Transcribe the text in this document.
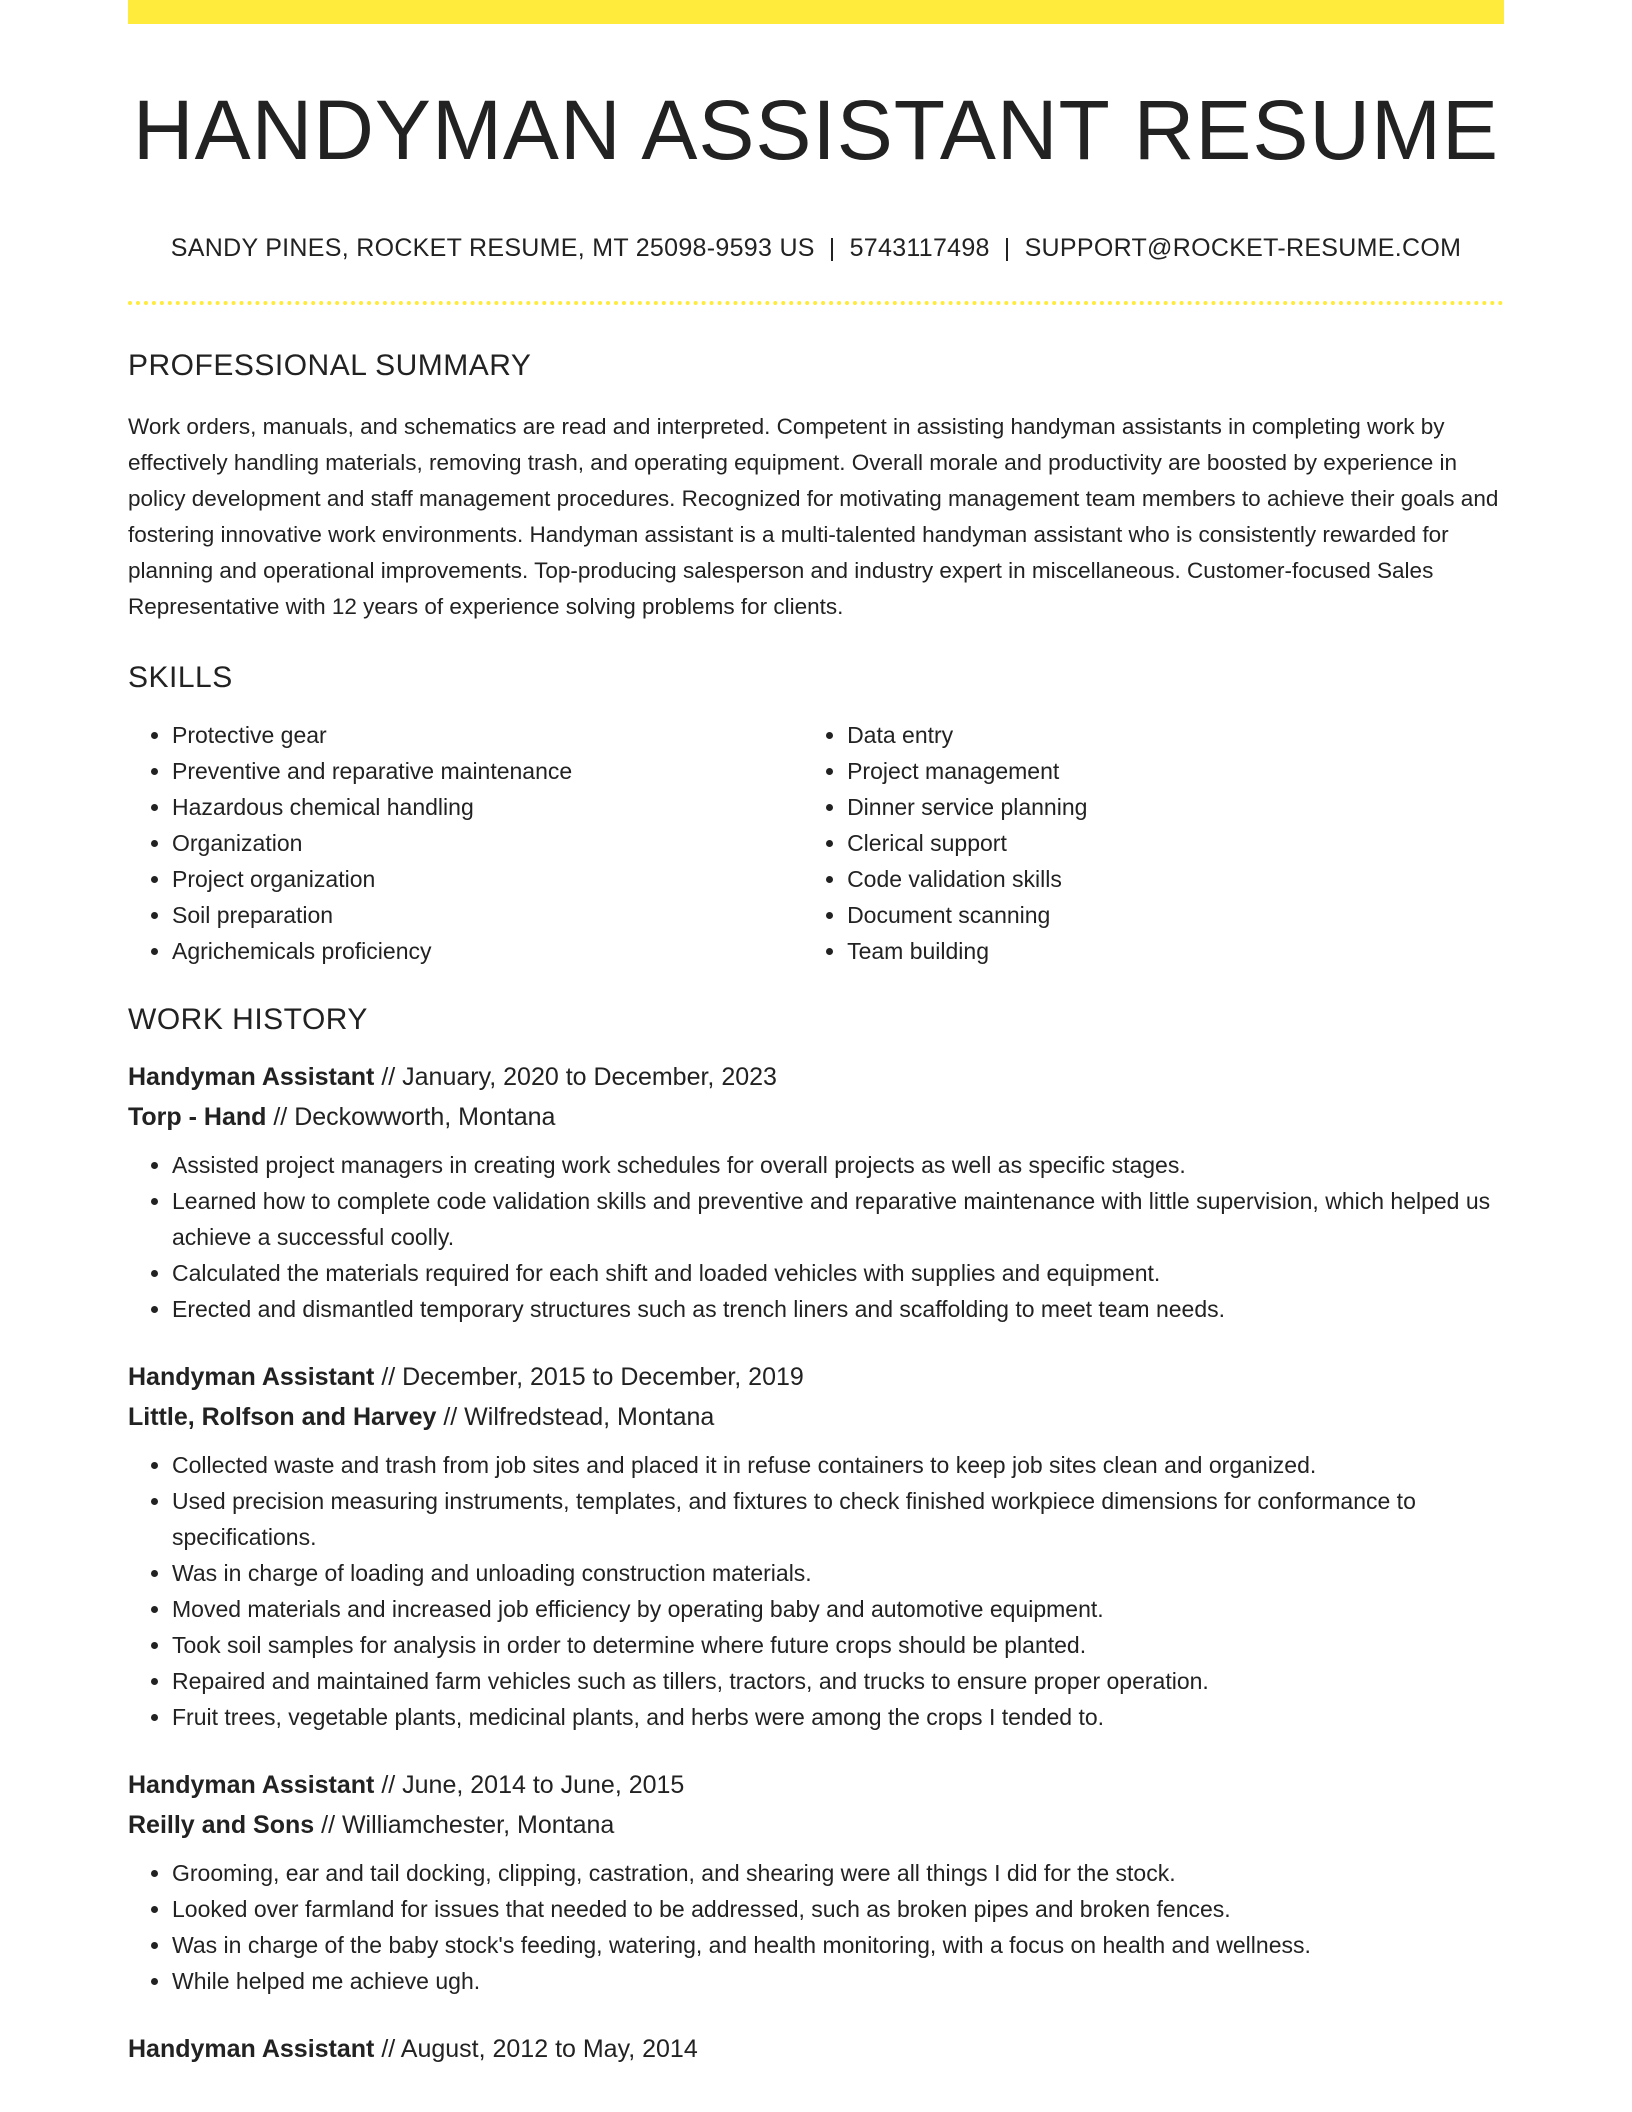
HANDYMAN ASSISTANT RESUME
SANDY PINES, ROCKET RESUME, MT 25098-9593 US | 5743117498 | SUPPORT@ROCKET-RESUME.COM
PROFESSIONAL SUMMARY

Work orders, manuals, and schematics are read and interpreted. Competent in assisting handyman assistants in completing work by effectively handling materials, removing trash, and operating equipment. Overall morale and productivity are boosted by experience in policy development and staff management procedures. Recognized for motivating management team members to achieve their goals and fostering innovative work environments. Handyman assistant is a multi-talented handyman assistant who is consistently rewarded for planning and operational improvements. Top-producing salesperson and industry expert in miscellaneous. Customer-focused Sales Representative with 12 years of experience solving problems for clients.

SKILLS
• Protective gear
• Preventive and reparative maintenance
• Hazardous chemical handling
• Organization
• Project organization
• Soil preparation
• Agrichemicals proficiency
• Data entry
• Project management
• Dinner service planning
• Clerical support
• Code validation skills
• Document scanning
• Team building
WORK HISTORY
Handyman Assistant // January, 2020 to December, 2023
Torp - Hand // Deckowworth, Montana
• Assisted project managers in creating work schedules for overall projects as well as specific stages.
• Learned how to complete code validation skills and preventive and reparative maintenance with little supervision, which helped us achieve a successful coolly.
• Calculated the materials required for each shift and loaded vehicles with supplies and equipment.
• Erected and dismantled temporary structures such as trench liners and scaffolding to meet team needs.
Handyman Assistant // December, 2015 to December, 2019
Little, Rolfson and Harvey // Wilfredstead, Montana
• Collected waste and trash from job sites and placed it in refuse containers to keep job sites clean and organized.
• Used precision measuring instruments, templates, and fixtures to check finished workpiece dimensions for conformance to specifications.
• Was in charge of loading and unloading construction materials.
• Moved materials and increased job efficiency by operating baby and automotive equipment.
• Took soil samples for analysis in order to determine where future crops should be planted.
• Repaired and maintained farm vehicles such as tillers, tractors, and trucks to ensure proper operation.
• Fruit trees, vegetable plants, medicinal plants, and herbs were among the crops I tended to.
Handyman Assistant // June, 2014 to June, 2015
Reilly and Sons // Williamchester, Montana
• Grooming, ear and tail docking, clipping, castration, and shearing were all things I did for the stock.
• Looked over farmland for issues that needed to be addressed, such as broken pipes and broken fences.
• Was in charge of the baby stock's feeding, watering, and health monitoring, with a focus on health and wellness.
• While helped me achieve ugh.
Handyman Assistant // August, 2012 to May, 2014
